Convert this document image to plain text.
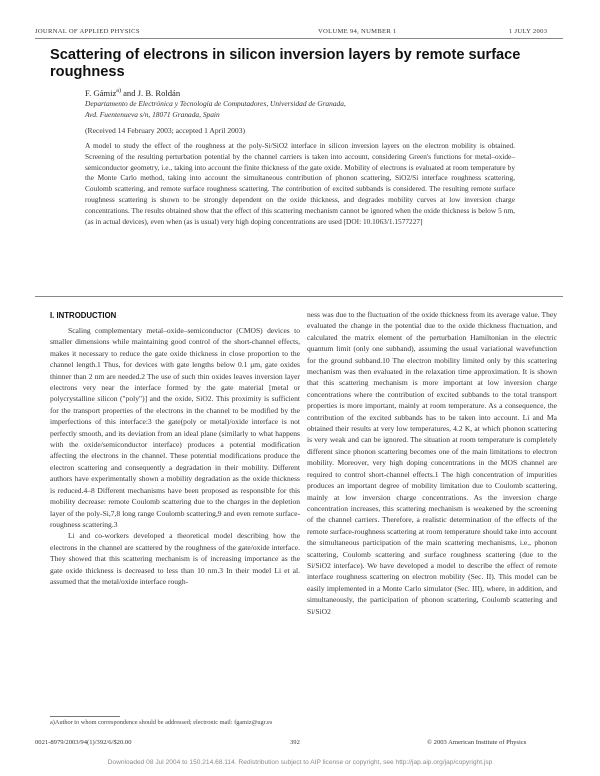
JOURNAL OF APPLIED PHYSICS	VOLUME 94, NUMBER 1	1 JULY 2003
Scattering of electrons in silicon inversion layers by remote surface roughness
F. Gámiz$^{a)}$ and J. B. Roldán
Departamento de Electrónica y Tecnología de Computadores, Universidad de Granada,
Avd. Fuentenueva s/n, 18071 Granada, Spain
(Received 14 February 2003; accepted 1 April 2003)

A model to study the effect of the roughness at the poly-Si/SiO2 interface in silicon inversion layers on the electron mobility is obtained. Screening of the resulting perturbation potential by the channel carriers is taken into account, considering Green's functions for metal–oxide–semiconductor geometry, i.e., taking into account the finite thickness of the gate oxide. Mobility of electrons is evaluated at room temperature by the Monte Carlo method, taking into account the simultaneous contribution of phonon scattering, SiO2/Si interface roughness scattering, Coulomb scattering, and remote surface roughness scattering. The contribution of excited subbands is considered. The resulting remote surface roughness scattering is shown to be strongly dependent on the oxide thickness, and degrades mobility curves at low inversion charge concentrations. The results obtained show that the effect of this scattering mechanism cannot be ignored when the oxide thickness is below 5 nm, (as in actual devices), even when (as is usual) very high doping concentrations are used [DOI: 10.1063/1.1577227]

I. INTRODUCTION

Scaling complementary metal–oxide–semiconductor (CMOS) devices to smaller dimensions while maintaining good control of the short-channel effects, makes it necessary to reduce the gate oxide thickness in close proportion to the channel length.1 Thus, for devices with gate lengths below 0.1 μm, gate oxides thinner than 2 nm are needed.2 The use of such thin oxides leaves inversion layer electrons very near the interface formed by the gate material [metal or polycrystalline silicon ("poly")] and the oxide, SiO2. This proximity is sufficient for the transport properties of the electrons in the channel to be modified by the imperfections of this interface:3 the gate(poly or metal)/oxide interface is not perfectly smooth, and its deviation from an ideal plane (similarly to what happens with the oxide/semiconductor interface) produces a potential modification affecting the electrons in the channel. These potential modifications produce the electron scattering and consequently a degradation in their mobility. Different authors have experimentally shown a mobility degradation as the oxide thickness is reduced.4–8 Different mechanisms have been proposed as responsible for this mobility decrease: remote Coulomb scattering due to the charges in the depletion layer of the poly-Si,7,8 long range Coulomb scattering,9 and even remote surface-roughness scattering.3

Li and co-workers developed a theoretical model describing how the electrons in the channel are scattered by the roughness of the gate/oxide interface. They showed that this scattering mechanism is of increasing importance as the gate oxide thickness is decreased to less than 10 nm.3 In their model Li et al. assumed that the metal/oxide interface rough-

ness was due to the fluctuation of the oxide thickness from its average value. They evaluated the change in the potential due to the oxide thickness fluctuation, and calculated the matrix element of the perturbation Hamiltonian in the electric quantum limit (only one subband), assuming the usual variational wavefunction for the ground subband.10 The electron mobility limited only by this scattering mechanism was then evaluated in the relaxation time approximation. It is shown that this scattering mechanism is more important at low inversion charge concentrations where the contribution of excited subbands to the total transport properties is more important, mainly at room temperature. As a consequence, the contribution of the excited subbands has to be taken into account. Li and Ma obtained their results at very low temperatures, 4.2 K, at which phonon scattering is very weak and can be ignored. The situation at room temperature is completely different since phonon scattering becomes one of the main limitations to electron mobility. Moreover, very high doping concentrations in the MOS channel are required to control short-channel effects.1 The high concentration of impurities produces an important degree of mobility limitation due to Coulomb scattering, mainly at low inversion charge concentrations. As the inversion charge concentration increases, this scattering mechanism is weakened by the screening of the channel carriers. Therefore, a realistic determination of the effects of the remote surface-roughness scattering at room temperature should take into account the simultaneous participation of the main scattering mechanisms, i.e., phonon scattering, Coulomb scattering and surface roughness scattering (due to the Si/SiO2 interface). We have developed a model to describe the effect of remote interface roughness scattering on electron mobility (Sec. II). This model can be easily implemented in a Monte Carlo simulator (Sec. III), where, in addition, and simultaneously, the participation of phonon scattering, Coulomb scattering and Si/SiO2

a)Author to whom correspondence should be addressed; electronic mail: fgamiz@ugr.es
0021-8979/2003/94(1)/392/6/$20.00	392	© 2003 American Institute of Physics
Downloaded 08 Jul 2004 to 150.214.68.114. Redistribution subject to AIP license or copyright, see http://jap.aip.org/jap/copyright.jsp
